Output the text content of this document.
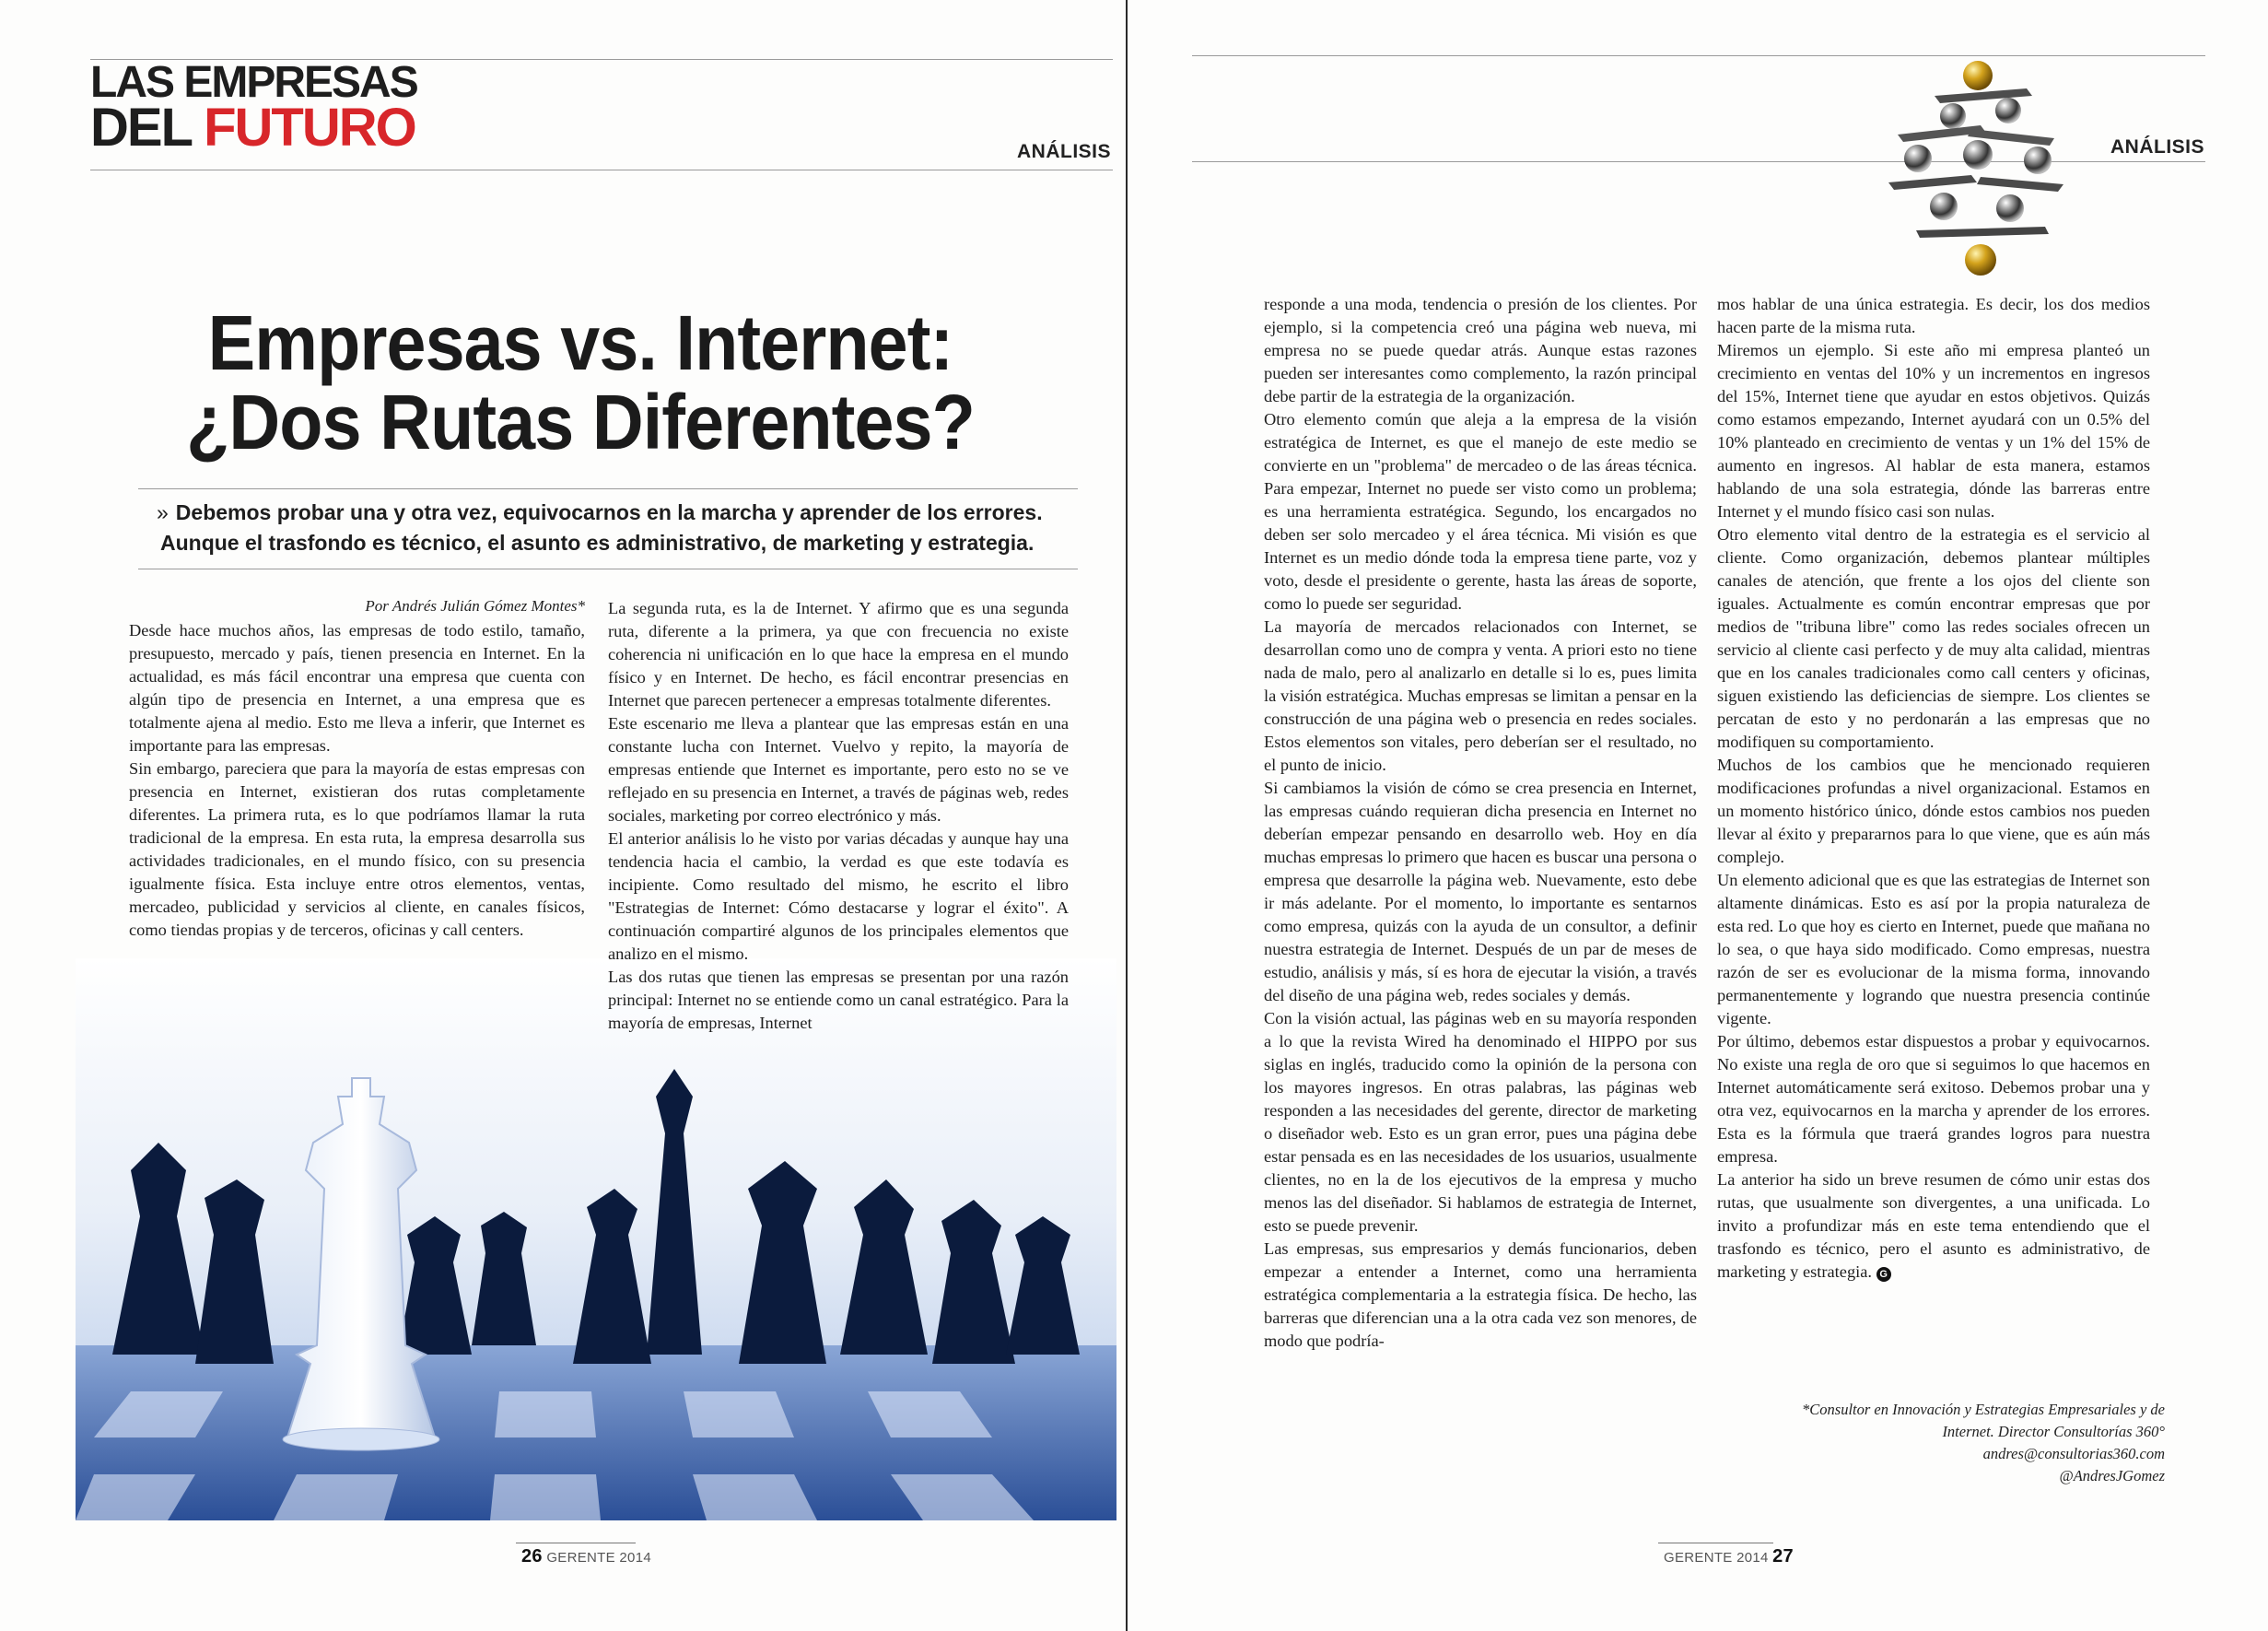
LAS EMPRESAS
DEL FUTURO	ANÁLISIS
Empresas vs. Internet:
¿Dos Rutas Diferentes?
» Debemos probar una y otra vez, equivocarnos en la marcha y aprender de los errores.
Aunque el trasfondo es técnico, el asunto es administrativo, de marketing y estrategia.

Por Andrés Julián Gómez Montes*

Desde hace muchos años, las empresas de todo estilo, tamaño, presupuesto, mercado y país, tienen presencia en Internet. En la actualidad, es más fácil encontrar una empresa que cuenta con algún tipo de presencia en Internet, a una empresa que es totalmente ajena al medio. Esto me lleva a inferir, que Internet es importante para las empresas.

Sin embargo, pareciera que para la mayoría de estas empresas con presencia en Internet, existieran dos rutas completamente diferentes. La primera ruta, es lo que podríamos llamar la ruta tradicional de la empresa. En esta ruta, la empresa desarrolla sus actividades tradicionales, en el mundo físico, con su presencia igualmente física. Esta incluye entre otros elementos, ventas, mercadeo, publicidad y servicios al cliente, en canales físicos, como tiendas propias y de terceros, oficinas y call centers.

La segunda ruta, es la de Internet. Y afirmo que es una segunda ruta, diferente a la primera, ya que con frecuencia no existe coherencia ni unificación en lo que hace la empresa en el mundo físico y en Internet. De hecho, es fácil encontrar presencias en Internet que parecen pertenecer a empresas totalmente diferentes.

Este escenario me lleva a plantear que las empresas están en una constante lucha con Internet. Vuelvo y repito, la mayoría de empresas entiende que Internet es importante, pero esto no se ve reflejado en su presencia en Internet, a través de páginas web, redes sociales, marketing por correo electrónico y más.

El anterior análisis lo he visto por varias décadas y aunque hay una tendencia hacia el cambio, la verdad es que este todavía es incipiente. Como resultado del mismo, he escrito el libro "Estrategias de Internet: Cómo destacarse y lograr el éxito". A continuación compartiré algunos de los principales elementos que analizo en el mismo.

Las dos rutas que tienen las empresas se presentan por una razón principal: Internet no se entiende como un canal estratégico. Para la mayoría de empresas, Internet

26 GERENTE 2014
ANÁLISIS

responde a una moda, tendencia o presión de los clientes. Por ejemplo, si la competencia creó una página web nueva, mi empresa no se puede quedar atrás. Aunque estas razones pueden ser interesantes como complemento, la razón principal debe partir de la estrategia de la organización.

Otro elemento común que aleja a la empresa de la visión estratégica de Internet, es que el manejo de este medio se convierte en un "problema" de mercadeo o de las áreas técnica. Para empezar, Internet no puede ser visto como un problema; es una herramienta estratégica. Segundo, los encargados no deben ser solo mercadeo y el área técnica. Mi visión es que Internet es un medio dónde toda la empresa tiene parte, voz y voto, desde el presidente o gerente, hasta las áreas de soporte, como lo puede ser seguridad.

La mayoría de mercados relacionados con Internet, se desarrollan como uno de compra y venta. A priori esto no tiene nada de malo, pero al analizarlo en detalle si lo es, pues limita la visión estratégica. Muchas empresas se limitan a pensar en la construcción de una página web o presencia en redes sociales. Estos elementos son vitales, pero deberían ser el resultado, no el punto de inicio.

Si cambiamos la visión de cómo se crea presencia en Internet, las empresas cuándo requieran dicha presencia en Internet no deberían empezar pensando en desarrollo web. Hoy en día muchas empresas lo primero que hacen es buscar una persona o empresa que desarrolle la página web. Nuevamente, esto debe ir más adelante. Por el momento, lo importante es sentarnos como empresa, quizás con la ayuda de un consultor, a definir nuestra estrategia de Internet. Después de un par de meses de estudio, análisis y más, sí es hora de ejecutar la visión, a través del diseño de una página web, redes sociales y demás.

Con la visión actual, las páginas web en su mayoría responden a lo que la revista Wired ha denominado el HIPPO por sus siglas en inglés, traducido como la opinión de la persona con los mayores ingresos. En otras palabras, las páginas web responden a las necesidades del gerente, director de marketing o diseñador web. Esto es un gran error, pues una página debe estar pensada es en las necesidades de los usuarios, usualmente clientes, no en la de los ejecutivos de la empresa y mucho menos las del diseñador. Si hablamos de estrategia de Internet, esto se puede prevenir.

Las empresas, sus empresarios y demás funcionarios, deben empezar a entender a Internet, como una herramienta estratégica complementaria a la estrategia física. De hecho, las barreras que diferencian una a la otra cada vez son menores, de modo que podría-

mos hablar de una única estrategia. Es decir, los dos medios hacen parte de la misma ruta.

Miremos un ejemplo. Si este año mi empresa planteó un crecimiento en ventas del 10% y un incrementos en ingresos del 15%, Internet tiene que ayudar en estos objetivos. Quizás como estamos empezando, Internet ayudará con un 0.5% del 10% planteado en crecimiento de ventas y un 1% del 15% de aumento en ingresos. Al hablar de esta manera, estamos hablando de una sola estrategia, dónde las barreras entre Internet y el mundo físico casi son nulas.

Otro elemento vital dentro de la estrategia es el servicio al cliente. Como organización, debemos plantear múltiples canales de atención, que frente a los ojos del cliente son iguales. Actualmente es común encontrar empresas que por medios de "tribuna libre" como las redes sociales ofrecen un servicio al cliente casi perfecto y de muy alta calidad, mientras que en los canales tradicionales como call centers y oficinas, siguen existiendo las deficiencias de siempre. Los clientes se percatan de esto y no perdonarán a las empresas que no modifiquen su comportamiento.

Muchos de los cambios que he mencionado requieren modificaciones profundas a nivel organizacional. Estamos en un momento histórico único, dónde estos cambios nos pueden llevar al éxito y prepararnos para lo que viene, que es aún más complejo.

Un elemento adicional que es que las estrategias de Internet son altamente dinámicas. Esto es así por la propia naturaleza de esta red. Lo que hoy es cierto en Internet, puede que mañana no lo sea, o que haya sido modificado. Como empresas, nuestra razón de ser es evolucionar de la misma forma, innovando permanentemente y logrando que nuestra presencia continúe vigente.

Por último, debemos estar dispuestos a probar y equivocarnos. No existe una regla de oro que si seguimos lo que hacemos en Internet automáticamente será exitoso. Debemos probar una y otra vez, equivocarnos en la marcha y aprender de los errores. Esta es la fórmula que traerá grandes logros para nuestra empresa.

La anterior ha sido un breve resumen de cómo unir estas dos rutas, que usualmente son divergentes, a una unificada. Lo invito a profundizar más en este tema entendiendo que el trasfondo es técnico, pero el asunto es administrativo, de marketing y estrategia. G

*Consultor en Innovación y Estrategias Empresariales y de
Internet. Director Consultorías 360°
andres@consultorias360.com
@AndresJGomez
GERENTE 2014 27
